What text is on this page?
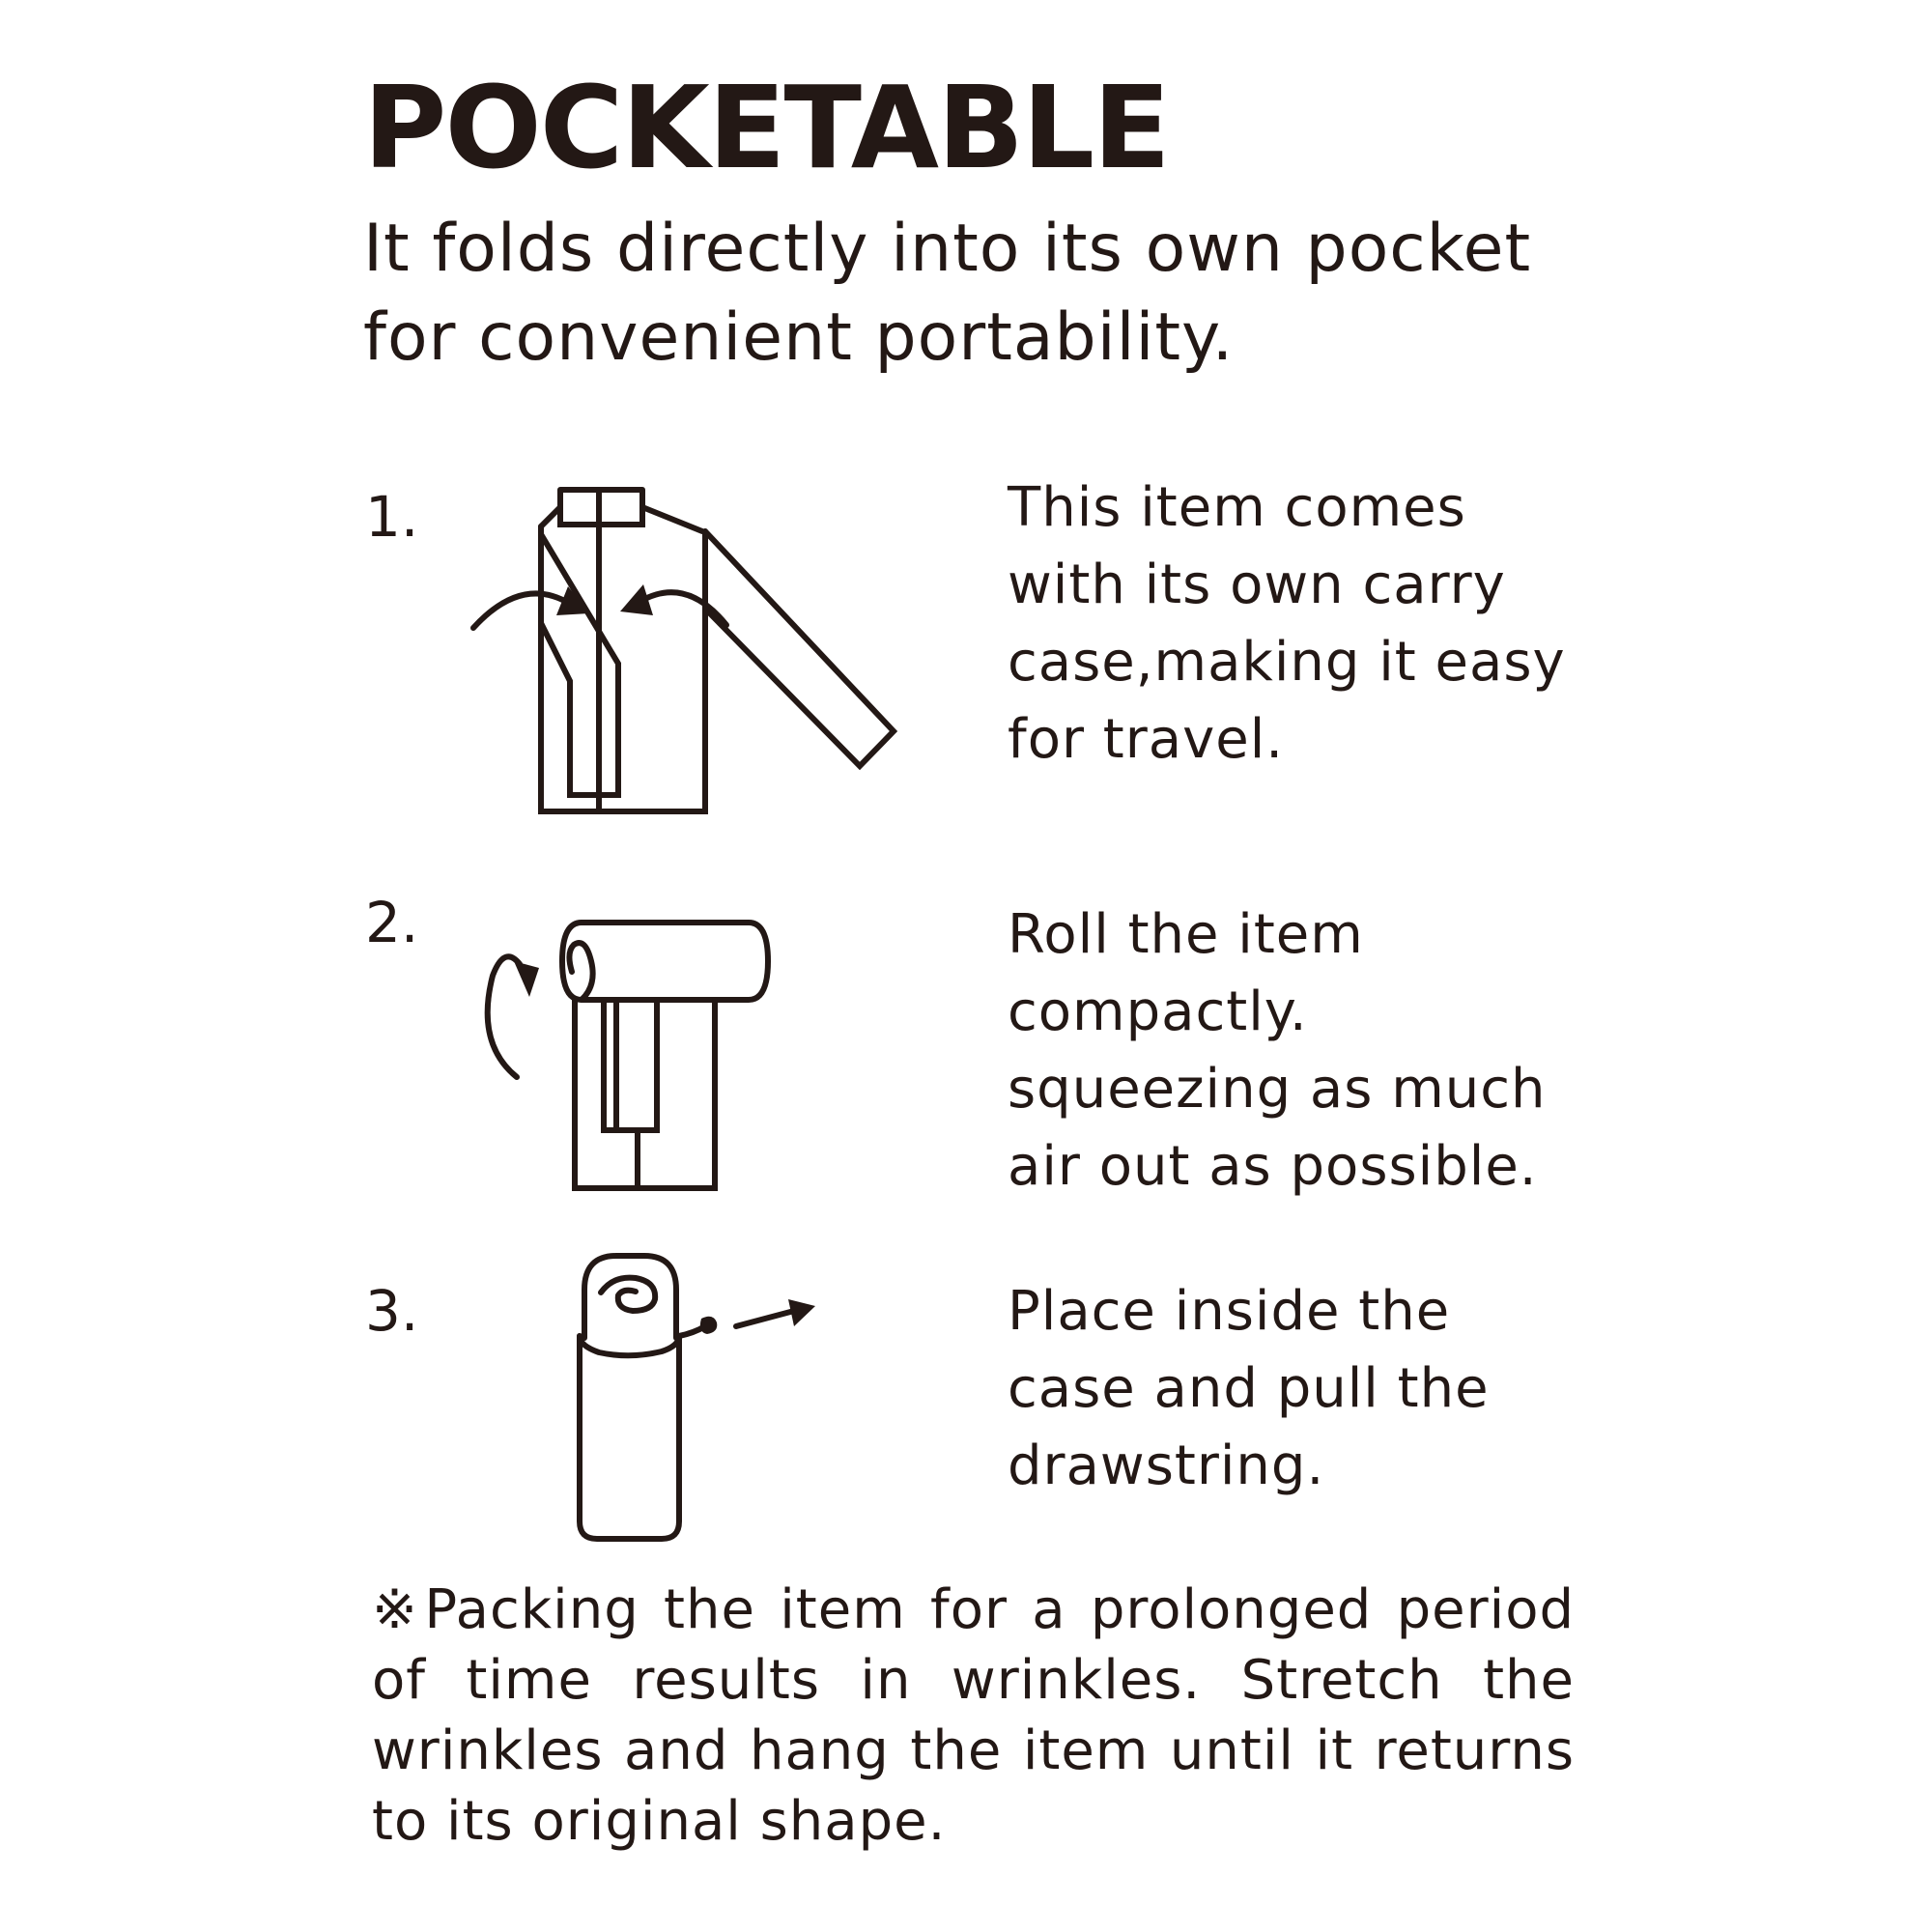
POCKETABLE

It folds directly into its own pocket for convenient portability.

1.	This item comes with its own carry case,making it easy for travel.

2.	Roll the item compactly. squeezing as much air out as possible.

3.	Place inside the case and pull the drawstring.

※Packing the item for a prolonged period of time results in wrinkles. Stretch the wrinkles and hang the item until it returns to its original shape.
